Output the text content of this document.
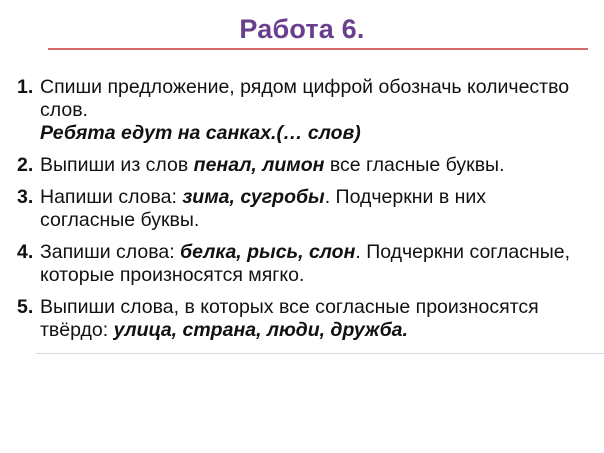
Работа 6.
1. Спиши предложение, рядом цифрой обозначь количество слов.
Ребята едут на санках.(… слов)
2. Выпиши из слов пенал, лимон все гласные буквы.
3. Напиши слова: зима, сугробы. Подчеркни в них согласные буквы.
4. Запиши слова: белка, рысь, слон. Подчеркни согласные, которые произносятся мягко.
5. Выпиши слова, в которых все согласные произносятся твёрдо: улица, страна, люди, дружба.
